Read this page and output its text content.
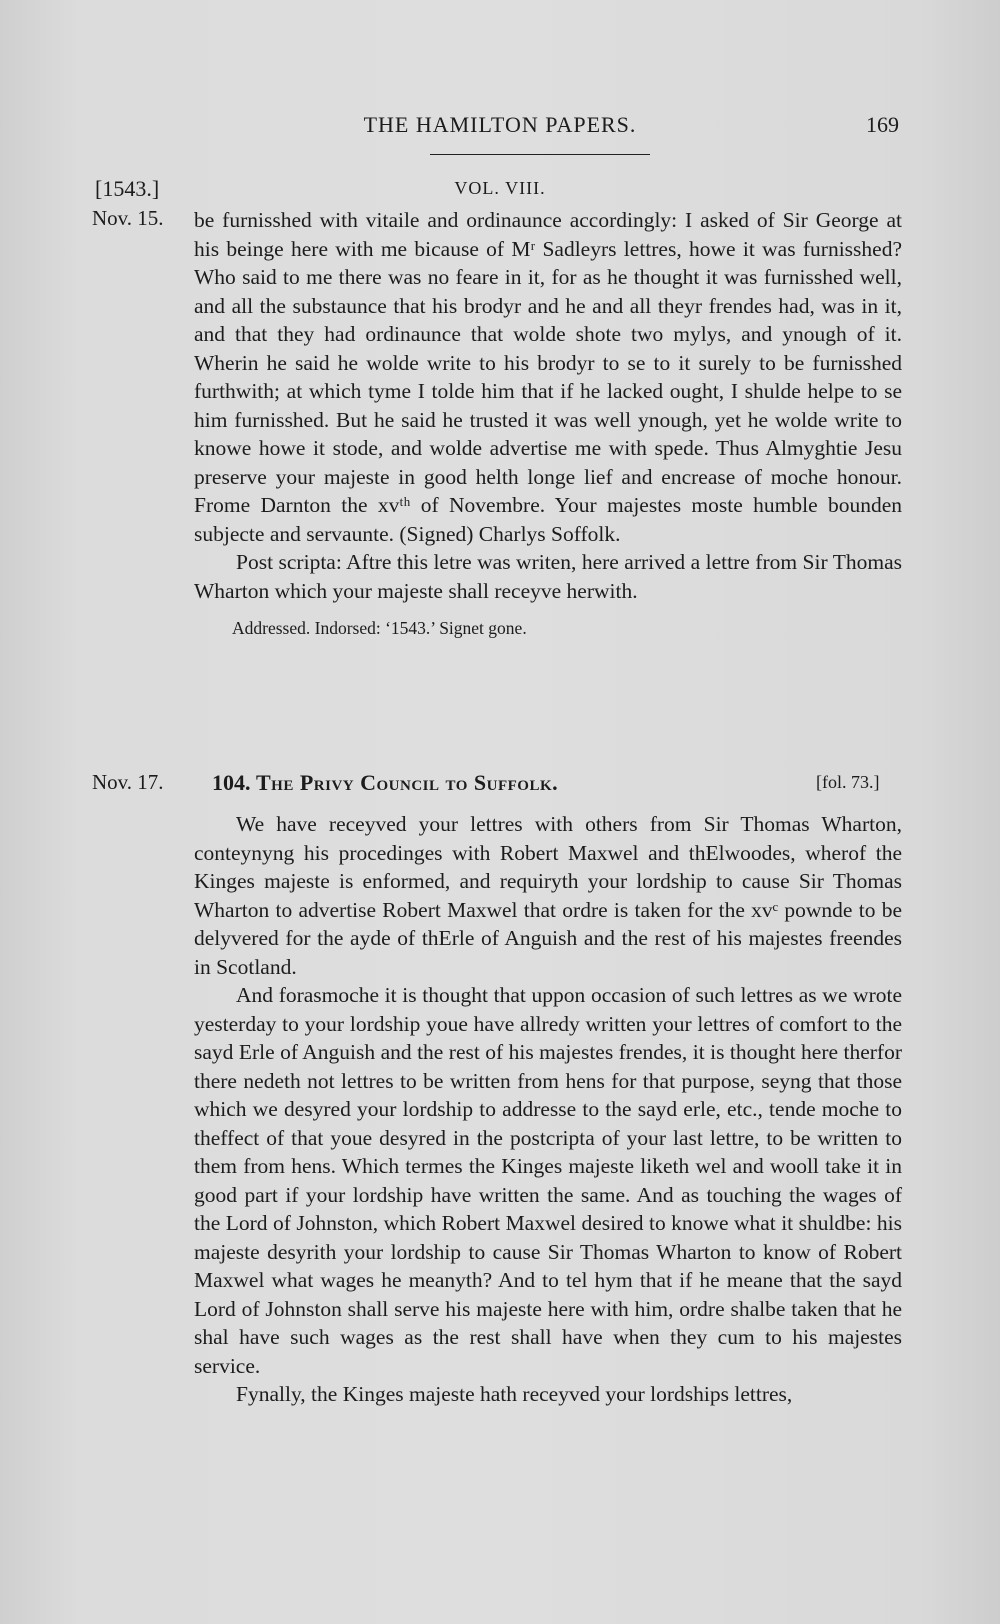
THE HAMILTON PAPERS.	169
[1543.]	VOL. VIII.
Nov. 15. be furnisshed with vitaile and ordinaunce accordingly: I asked of Sir George at his beinge here with me bicause of Mʳ Sadleyrs lettres, howe it was furnisshed? Who said to me there was no feare in it, for as he thought it was furnisshed well, and all the substaunce that his brodyr and he and all theyr frendes had, was in it, and that they had ordinaunce that wolde shote two mylys, and ynough of it. Wherin he said he wolde write to his brodyr to se to it surely to be furnisshed furthwith; at which tyme I tolde him that if he lacked ought, I shulde helpe to se him furnisshed. But he said he trusted it was well ynough, yet he wolde write to knowe howe it stode, and wolde advertise me with spede. Thus Almyghtie Jesu preserve your majeste in good helth longe lief and encrease of moche honour. Frome Darnton the xvᵗʰ of Novembre. Your majestes moste humble bounden subjecte and servaunte. (Signed) Charlys Soffolk.

Post scripta: Aftre this letre was writen, here arrived a lettre from Sir Thomas Wharton which your majeste shall receyve herwith.

Addressed. Indorsed: ‘1543.’ Signet gone.
Nov. 17. 104. The Privy Council to Suffolk.	[fol. 73.]

We have receyved your lettres with others from Sir Thomas Wharton, conteynyng his procedinges with Robert Maxwel and thElwoodes, wherof the Kinges majeste is enformed, and requiryth your lordship to cause Sir Thomas Wharton to advertise Robert Maxwel that ordre is taken for the xvᶜ pownde to be delyvered for the ayde of thErle of Anguish and the rest of his majestes freendes in Scotland.

And forasmoche it is thought that uppon occasion of such lettres as we wrote yesterday to your lordship youe have allredy written your lettres of comfort to the sayd Erle of Anguish and the rest of his majestes frendes, it is thought here therfor there nedeth not lettres to be written from hens for that purpose, seyng that those which we desyred your lordship to addresse to the sayd erle, etc., tende moche to theffect of that youe desyred in the postcripta of your last lettre, to be written to them from hens. Which termes the Kinges majeste liketh wel and wooll take it in good part if your lordship have written the same. And as touching the wages of the Lord of Johnston, which Robert Maxwel desired to knowe what it shuldbe: his majeste desyrith your lordship to cause Sir Thomas Wharton to know of Robert Maxwel what wages he meanyth? And to tel hym that if he meane that the sayd Lord of Johnston shall serve his majeste here with him, ordre shalbe taken that he shal have such wages as the rest shall have when they cum to his majestes service.

Fynally, the Kinges majeste hath receyved your lordships lettres,
